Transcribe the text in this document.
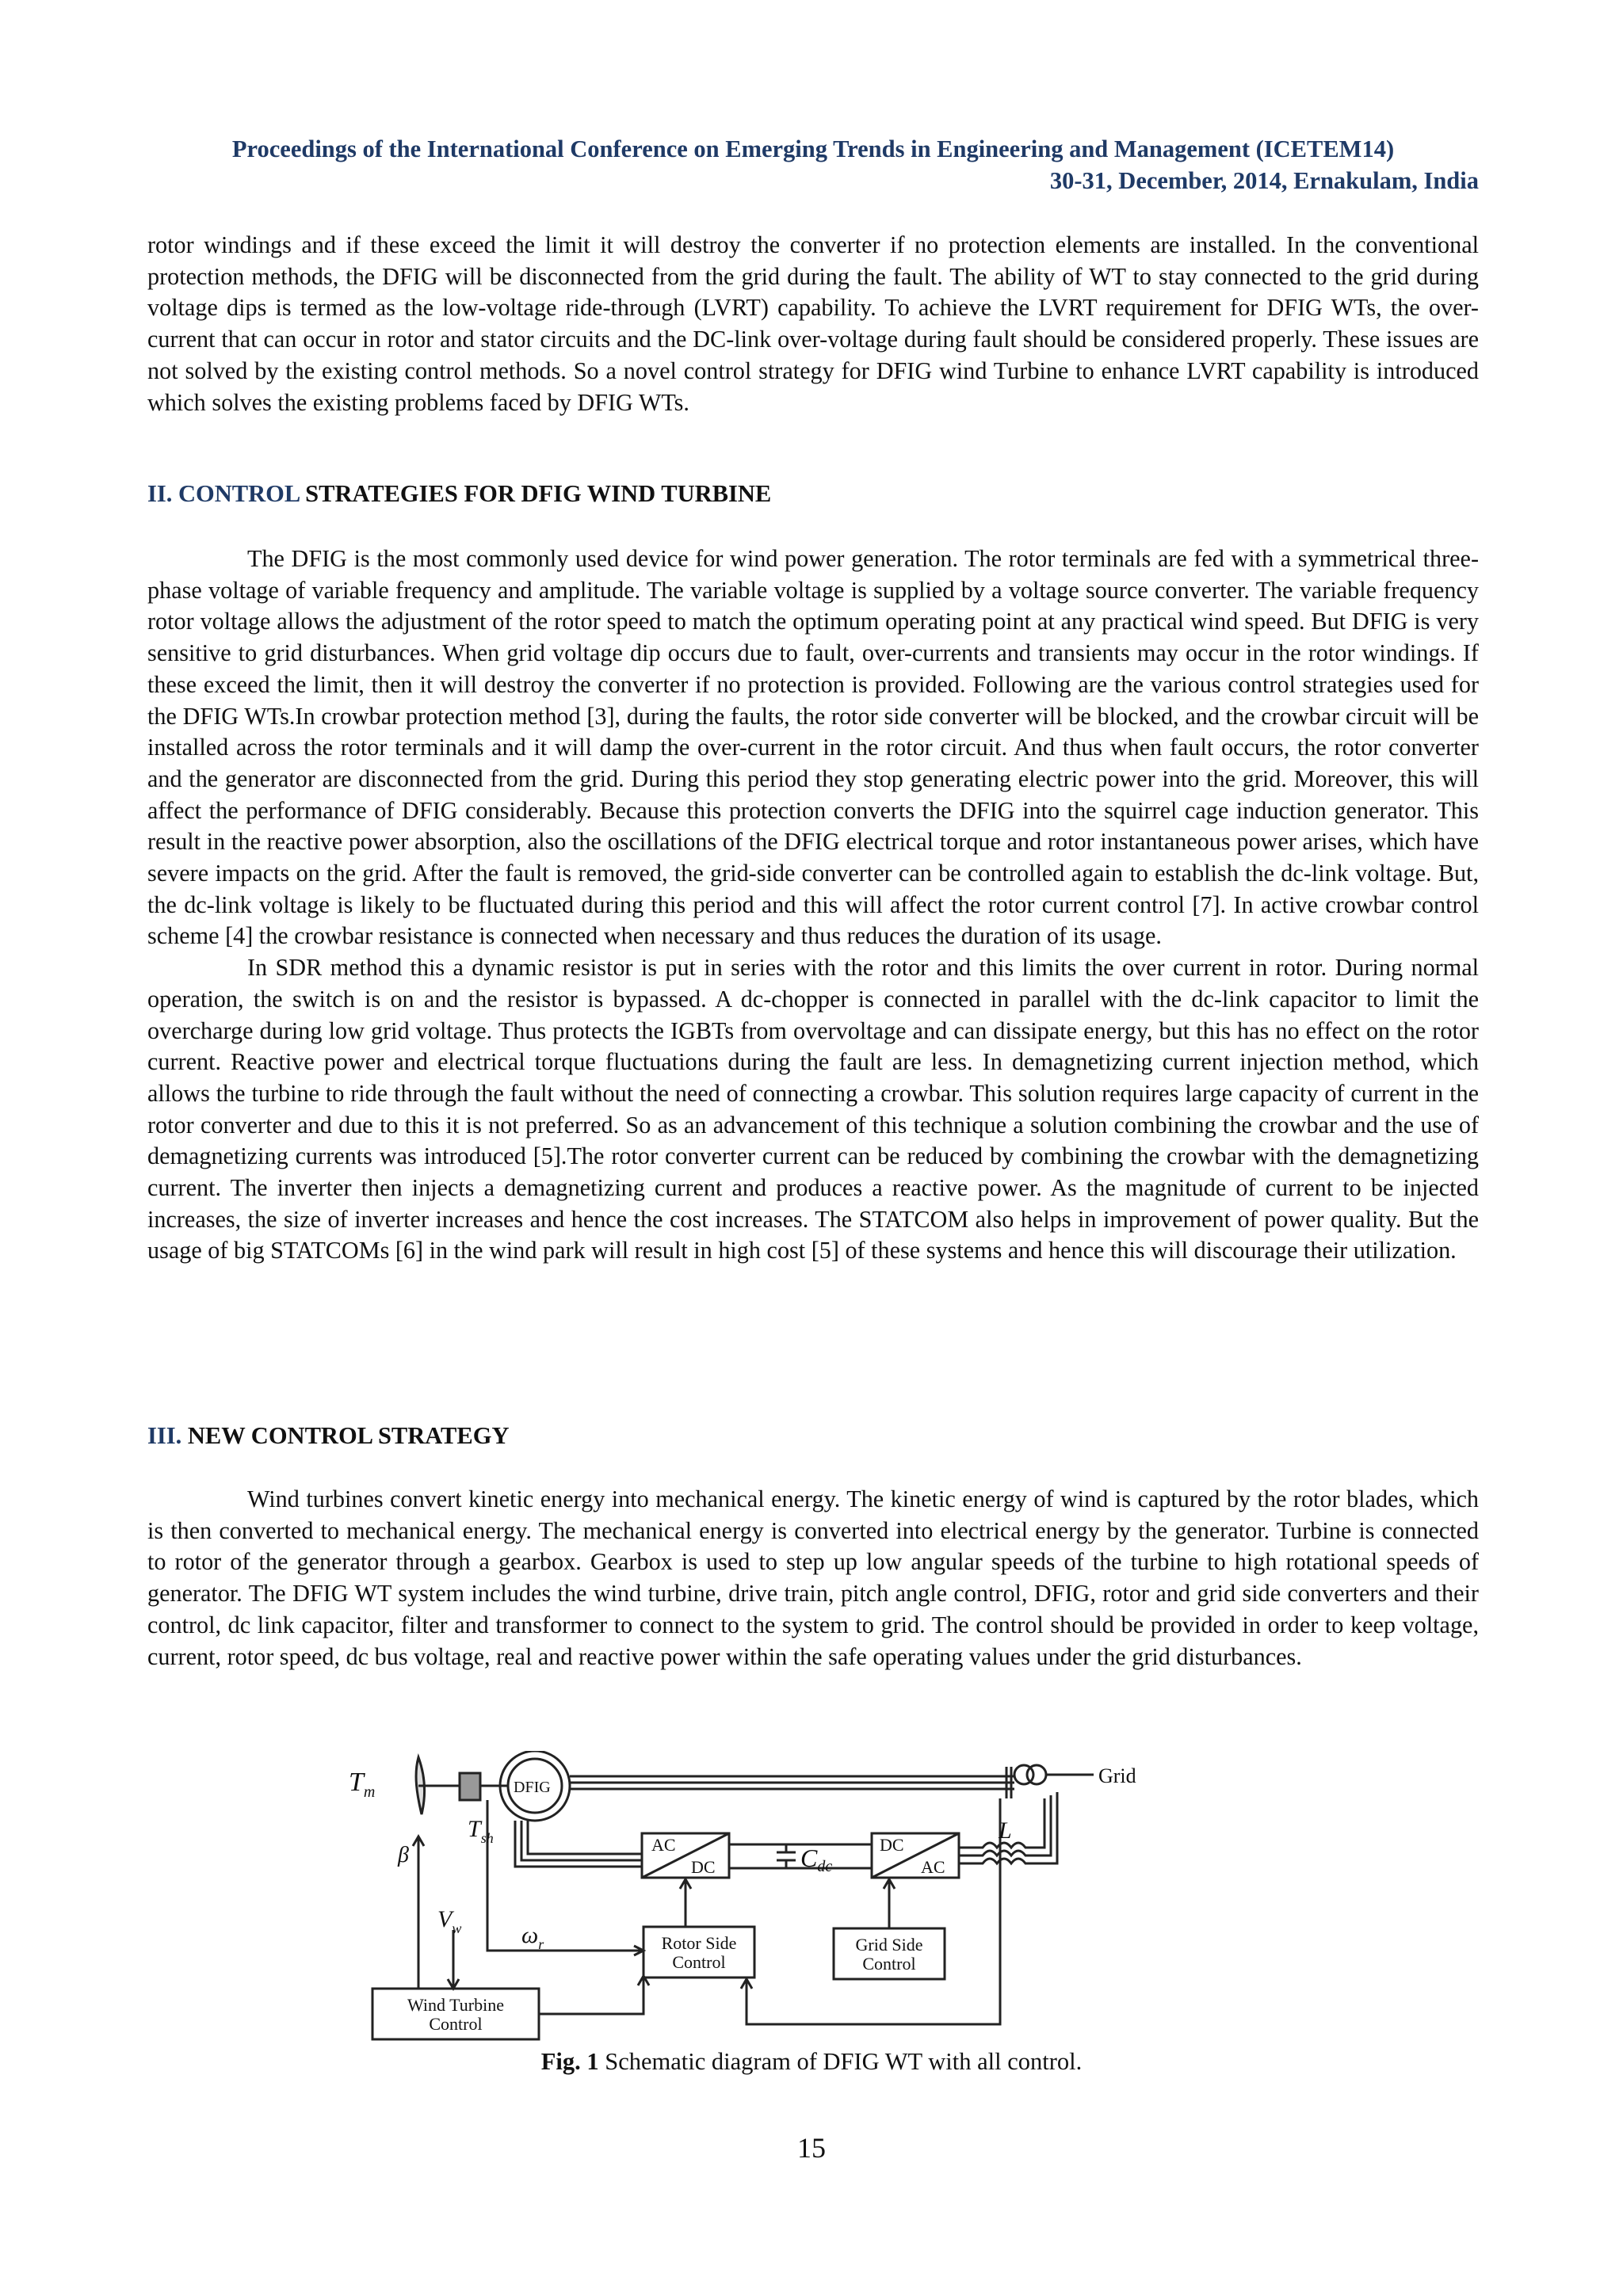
Proceedings of the International Conference on Emerging Trends in Engineering and Management (ICETEM14)
30-31, December, 2014, Ernakulam, India

rotor windings and if these exceed the limit it will destroy the converter if no protection elements are installed. In the conventional protection methods, the DFIG will be disconnected from the grid during the fault. The ability of WT to stay connected to the grid during voltage dips is termed as the low-voltage ride-through (LVRT) capability. To achieve the LVRT requirement for DFIG WTs, the over-current that can occur in rotor and stator circuits and the DC-link over-voltage during fault should be considered properly. These issues are not solved by the existing control methods. So a novel control strategy for DFIG wind Turbine to enhance LVRT capability is introduced which solves the existing problems faced by DFIG WTs.

II. CONTROL STRATEGIES FOR DFIG WIND TURBINE

The DFIG is the most commonly used device for wind power generation. The rotor terminals are fed with a symmetrical three-phase voltage of variable frequency and amplitude. The variable voltage is supplied by a voltage source converter. The variable frequency rotor voltage allows the adjustment of the rotor speed to match the optimum operating point at any practical wind speed. But DFIG is very sensitive to grid disturbances. When grid voltage dip occurs due to fault, over-currents and transients may occur in the rotor windings. If these exceed the limit, then it will destroy the converter if no protection is provided. Following are the various control strategies used for the DFIG WTs.In crowbar protection method [3], during the faults, the rotor side converter will be blocked, and the crowbar circuit will be installed across the rotor terminals and it will damp the over-current in the rotor circuit. And thus when fault occurs, the rotor converter and the generator are disconnected from the grid. During this period they stop generating electric power into the grid. Moreover, this will affect the performance of DFIG considerably. Because this protection converts the DFIG into the squirrel cage induction generator. This result in the reactive power absorption, also the oscillations of the DFIG electrical torque and rotor instantaneous power arises, which have severe impacts on the grid. After the fault is removed, the grid-side converter can be controlled again to establish the dc-link voltage. But, the dc-link voltage is likely to be fluctuated during this period and this will affect the rotor current control [7]. In active crowbar control scheme [4] the crowbar resistance is connected when necessary and thus reduces the duration of its usage.

In SDR method this a dynamic resistor is put in series with the rotor and this limits the over current in rotor. During normal operation, the switch is on and the resistor is bypassed. A dc-chopper is connected in parallel with the dc-link capacitor to limit the overcharge during low grid voltage. Thus protects the IGBTs from overvoltage and can dissipate energy, but this has no effect on the rotor current. Reactive power and electrical torque fluctuations during the fault are less. In demagnetizing current injection method, which allows the turbine to ride through the fault without the need of connecting a crowbar. This solution requires large capacity of current in the rotor converter and due to this it is not preferred. So as an advancement of this technique a solution combining the crowbar and the use of demagnetizing currents was introduced [5].The rotor converter current can be reduced by combining the crowbar with the demagnetizing current. The inverter then injects a demagnetizing current and produces a reactive power. As the magnitude of current to be injected increases, the size of inverter increases and hence the cost increases. The STATCOM also helps in improvement of power quality. But the usage of big STATCOMs [6] in the wind park will result in high cost [5] of these systems and hence this will discourage their utilization.

III. NEW CONTROL STRATEGY

Wind turbines convert kinetic energy into mechanical energy. The kinetic energy of wind is captured by the rotor blades, which is then converted to mechanical energy. The mechanical energy is converted into electrical energy by the generator. Turbine is connected to rotor of the generator through a gearbox. Gearbox is used to step up low angular speeds of the turbine to high rotational speeds of generator. The DFIG WT system includes the wind turbine, drive train, pitch angle control, DFIG, rotor and grid side converters and their control, dc link capacitor, filter and transformer to connect to the system to grid. The control should be provided in order to keep voltage, current, rotor speed, dc bus voltage, real and reactive power within the safe operating values under the grid disturbances.

$T_m$
$T_{sh}$
β
$V_w$	$\omega_r$
DFIG
AC
DC	Cdc
DC
AC
L
Grid
Rotor Side
Control
Grid Side
Control
Wind Turbine
Control
Fig. 1 Schematic diagram of DFIG WT with all control.
15
